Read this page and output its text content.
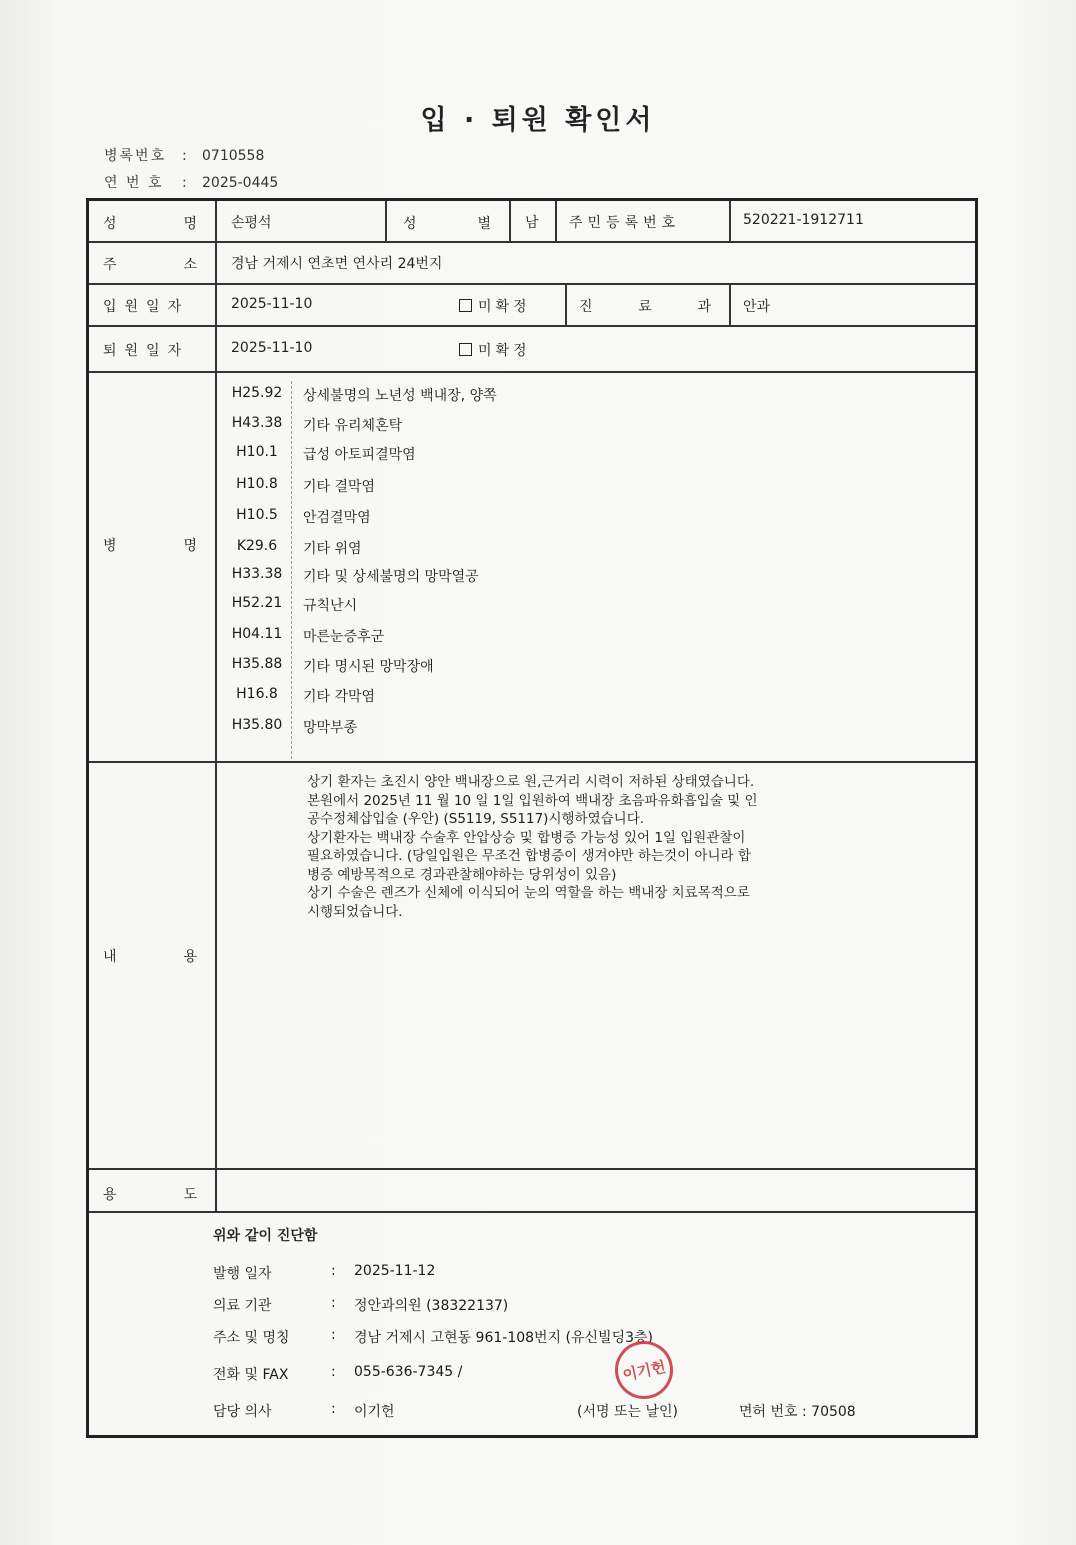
입 · 퇴원 확인서
병록번호 : 0710558
연 번 호 : 2025-0445
성	명 손평석	성	별 남 주민등록번호	520221-1912711
주	소 경남 거제시 연초면 연사리 24번지
입원일자	2025-11-10	미확정	진	료	과 안과
퇴원일자	2025-11-10	미확정
병	명
H25.92	상세불명의 노년성 백내장, 양쪽
H43.38	기타 유리체혼탁
H10.1	급성 아토피결막염
H10.8	기타 결막염
H10.5	안검결막염
K29.6	기타 위염
H33.38	기타 및 상세불명의 망막열공
H52.21	규칙난시
H04.11	마른눈증후군
H35.88	기타 명시된 망막장애
H16.8	기타 각막염
H35.80	망막부종
내	용
상기 환자는 초진시 양안 백내장으로 원,근거리 시력이 저하된 상태였습니다.
본원에서 2025년 11 월 10 일 1일 입원하여 백내장 초음파유화흡입술 및 인
공수정체삽입술 (우안) (S5119, S5117)시행하였습니다.
상기환자는 백내장 수술후 안압상승 및 합병증 가능성 있어 1일 입원관찰이
필요하였습니다. (당일입원은 무조건 합병증이 생겨야만 하는것이 아니라 합
병증 예방목적으로 경과관찰해야하는 당위성이 있음)
상기 수술은 렌즈가 신체에 이식되어 눈의 역할을 하는 백내장 치료목적으로
시행되었습니다.
용	도
위와 같이 진단함
발행 일자	: 2025-11-12
의료 기관	: 정안과의원 (38322137)
주소 및 명칭	: 경남 거제시 고현동 961-108번지 (유신빌딩3층)
전화 및 FAX	: 055-636-7345 /
담당 의사	: 이기헌	(서명 또는 날인)	면허 번호 : 70508
이기헌
